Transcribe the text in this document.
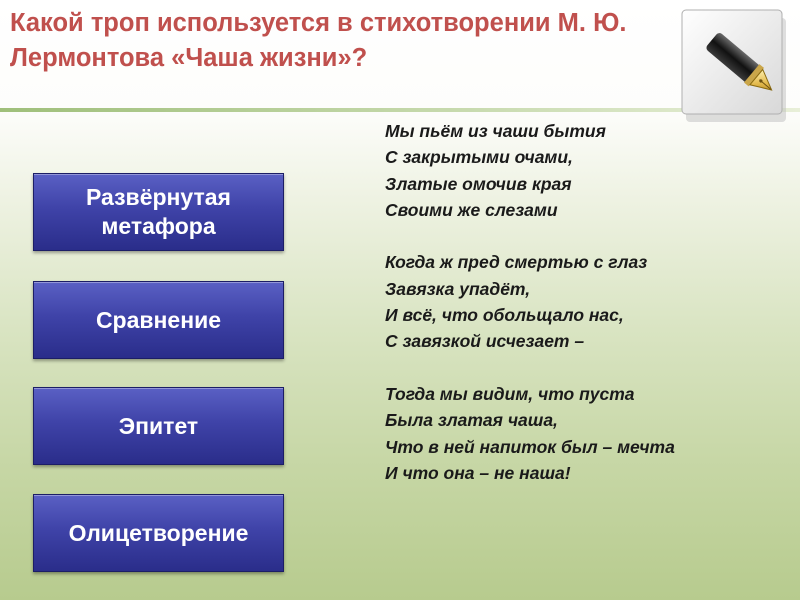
Какой троп используется в стихотворении М. Ю. Лермонтова «Чаша жизни»?
Развёрнутая метафора
Сравнение
Эпитет
Олицетворение
Мы пьём из чаши бытия
С закрытыми очами,
Златые омочив края
Своими же слезами
Когда ж пред смертью с глаз
Завязка упадёт,
И всё, что обольщало нас,
С завязкой исчезает –
Тогда мы видим, что пуста
Была златая чаша,
Что в ней напиток был – мечта
И что она – не наша!
